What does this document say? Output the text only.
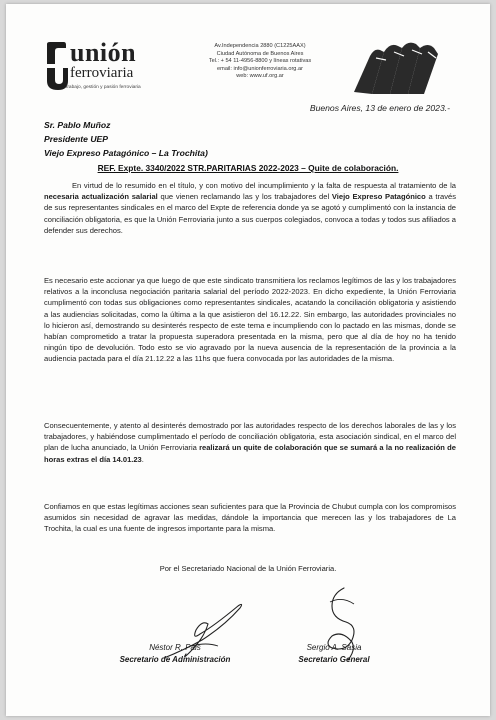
unión
ferroviaria
trabajo, gestión y pasión ferroviaria
Av.Independencia 2880 (C1225AAX)
Ciudad Autónoma de Buenos Aires
Tel.: + 54 11-4956-8800 y líneas rotativas
email: info@unionferroviaria.org.ar
web: www.uf.org.ar
Buenos Aires, 13 de enero de 2023.-
Sr. Pablo Muñoz
Presidente UEP
Viejo Expreso Patagónico – La Trochita)
REF. Expte. 3340/2022 STR.PARITARIAS 2022-2023 – Quite de colaboración.
En virtud de lo resumido en el título, y con motivo del incumplimiento y la falta de respuesta al tratamiento de la necesaria actualización salarial que vienen reclamando las y los trabajadores del Viejo Expreso Patagónico a través de sus representantes sindicales en el marco del Expte de referencia donde ya se agotó y cumplimentó con la instancia de conciliación obligatoria, es que la Unión Ferroviaria junto a sus cuerpos colegiados, convoca a todas y todos sus afiliados a defender sus derechos.
Es necesario este accionar ya que luego de que este sindicato transmitiera los reclamos legítimos de las y los trabajadores relativos a la inconclusa negociación paritaria salarial del período 2022-2023. En dicho expediente, la Unión Ferroviaria cumplimentó con todas sus obligaciones como representantes sindicales, acatando la conciliación obligatoria y asistiendo a las audiencias solicitadas, como la última a la que asistieron del 16.12.22. Sin embargo, las autoridades provinciales no lo hicieron así, demostrando su desinterés respecto de este tema e incumpliendo con lo pactado en las mismas, donde se habían comprometido a tratar la propuesta superadora presentada en la misma, pero que al día de hoy no ha tenido ningún tipo de devolución. Todo esto se vio agravado por la nueva ausencia de la representación de la provincia a la audiencia pactada para el día 21.12.22 a las 11hs que fuera convocada por las autoridades de la misma.
Consecuentemente, y atento al desinterés demostrado por las autoridades respecto de los derechos laborales de las y los trabajadores, y habiéndose cumplimentado el período de conciliación obligatoria, esta asociación sindical, en el marco del plan de lucha anunciado, la Unión Ferroviaria realizará un quite de colaboración que se sumará a la no realización de horas extras el día 14.01.23.
Confiamos en que estas legítimas acciones sean suficientes para que la Provincia de Chubut cumpla con los compromisos asumidos sin necesidad de agravar las medidas, dándole la importancia que merecen las y los trabajadores de La Trochita, la cual es una fuente de ingresos importante para la misma.
Por el Secretariado Nacional de la Unión Ferroviaria.
Néstor R. Pais
Secretario de Administración
Sergio A. Sasia
Secretario General
